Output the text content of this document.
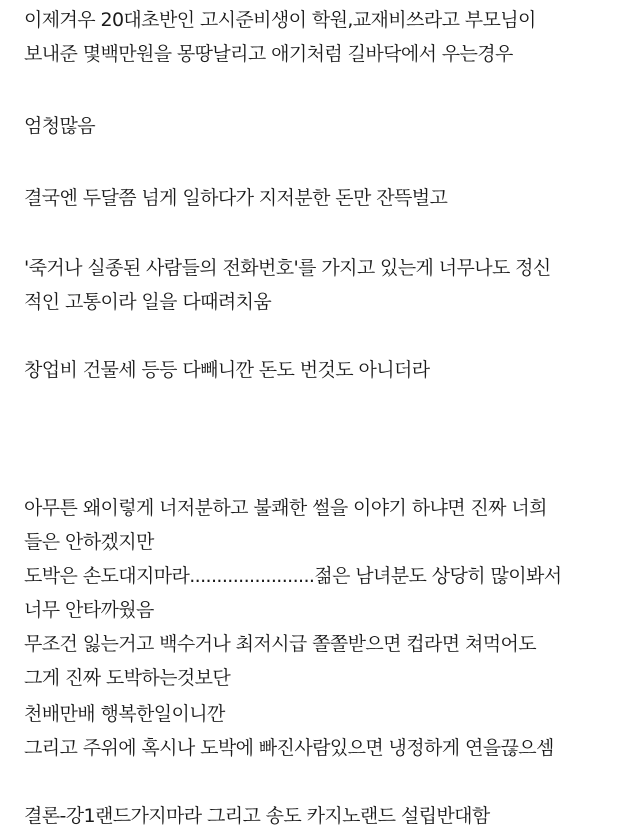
이제겨우 20대초반인 고시준비생이 학원,교재비쓰라고 부모님이
보내준 몇백만원을 몽땅날리고 애기처럼 길바닥에서 우는경우
엄청많음
결국엔 두달쯤 넘게 일하다가 지저분한 돈만 잔뜩벌고
'죽거나 실종된 사람들의 전화번호'를 가지고 있는게 너무나도 정신
적인 고통이라 일을 다때려치움
창업비 건물세 등등 다빼니깐 돈도 번것도 아니더라
아무튼 왜이렇게 너저분하고 불쾌한 썰을 이야기 하냐면 진짜 너희
들은 안하겠지만
도박은 손도대지마라.......................젊은 남녀분도 상당히 많이봐서
너무 안타까웠음
무조건 잃는거고 백수거나 최저시급 쫄쫄받으면 컵라면 쳐먹어도
그게 진짜 도박하는것보단
천배만배 행복한일이니깐
그리고 주위에 혹시나 도박에 빠진사람있으면 냉정하게 연을끊으셈
결론-강1랜드가지마라 그리고 송도 카지노랜드 설립반대함
